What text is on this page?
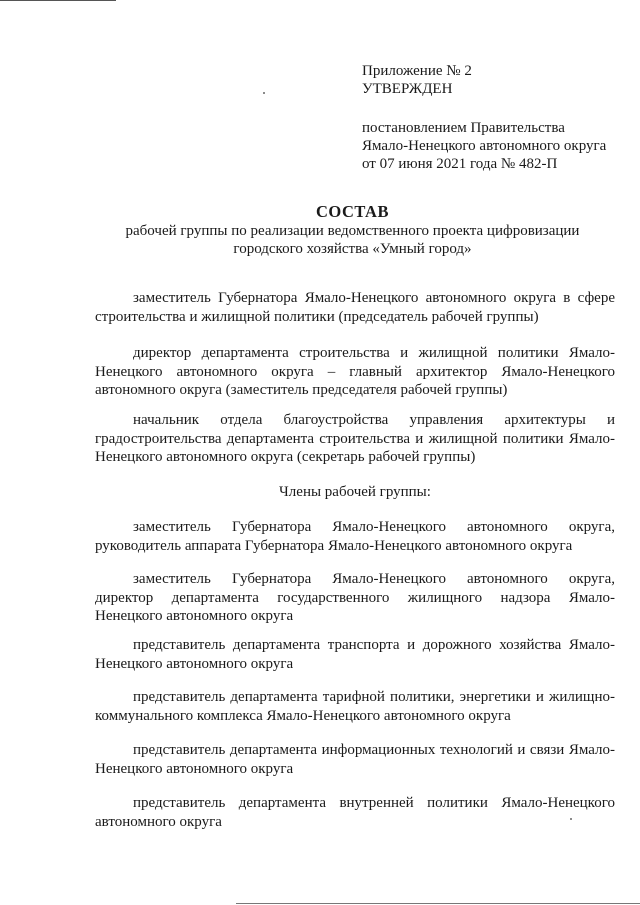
Приложение № 2
УТВЕРЖДЕН
постановлением Правительства
Ямало-Ненецкого автономного округа
от 07 июня 2021 года № 482-П
СОСТАВ
рабочей группы по реализации ведомственного проекта цифровизации
городского хозяйства «Умный город»
заместитель Губернатора Ямало-Ненецкого автономного округа в сфере
строительства и жилищной политики (председатель рабочей группы)
директор департамента строительства и жилищной политики Ямало-
Ненецкого автономного округа – главный архитектор Ямало-Ненецкого
автономного округа (заместитель председателя рабочей группы)
начальник отдела благоустройства управления архитектуры и
градостроительства департамента строительства и жилищной политики Ямало-
Ненецкого автономного округа (секретарь рабочей группы)
Члены рабочей группы:
заместитель Губернатора Ямало-Ненецкого автономного округа,
руководитель аппарата Губернатора Ямало-Ненецкого автономного округа
заместитель Губернатора Ямало-Ненецкого автономного округа,
директор департамента государственного жилищного надзора Ямало-
Ненецкого автономного округа
представитель департамента транспорта и дорожного хозяйства Ямало-
Ненецкого автономного округа
представитель департамента тарифной политики, энергетики и жилищно-
коммунального комплекса Ямало-Ненецкого автономного округа
представитель департамента информационных технологий и связи Ямало-
Ненецкого автономного округа
представитель департамента внутренней политики Ямало-Ненецкого
автономного округа
